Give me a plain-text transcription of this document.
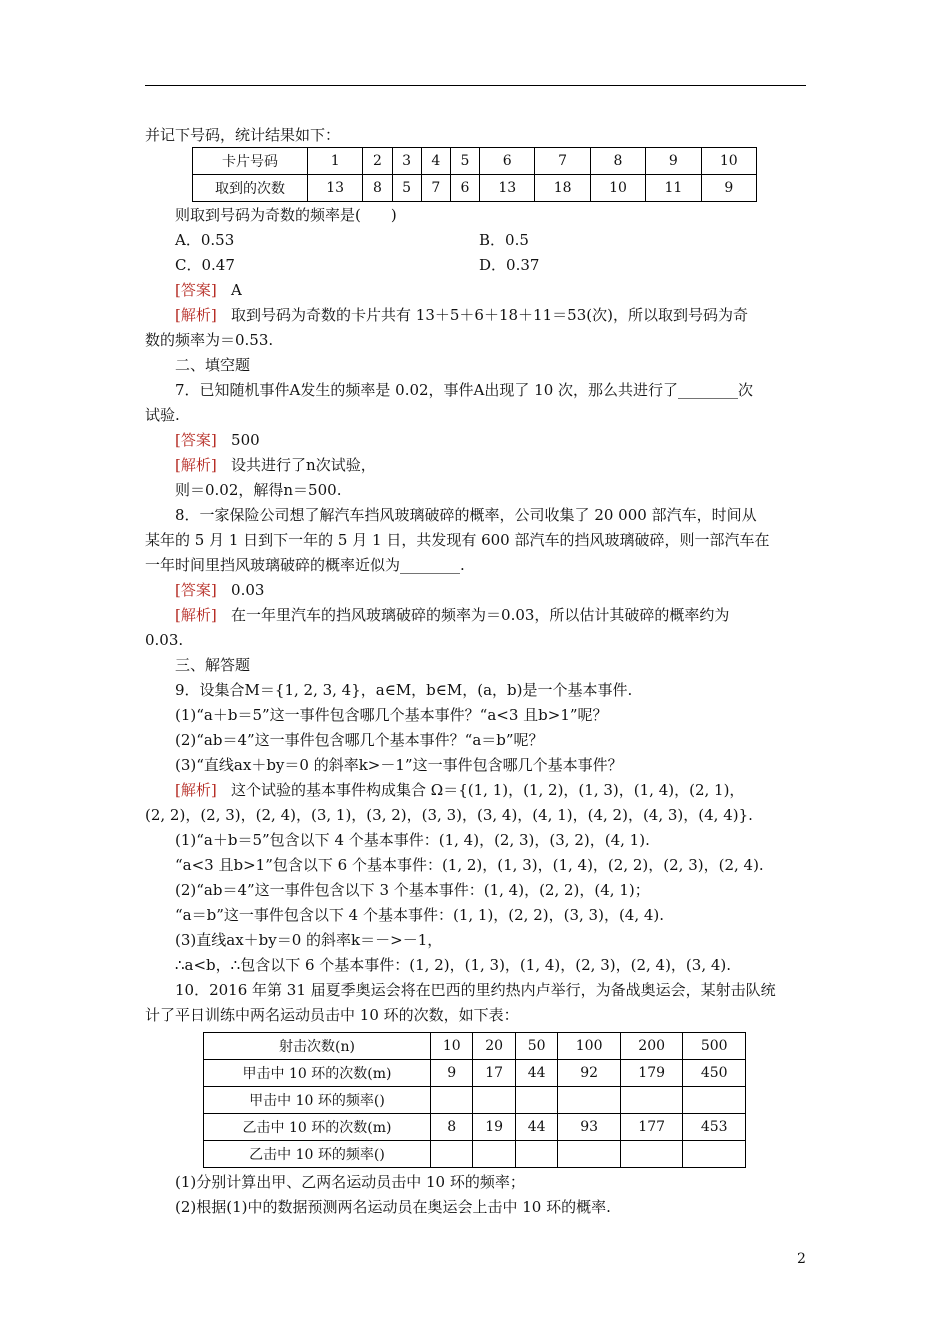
并记下号码，统计结果如下：
卡片号码	1	2	3	4	5	6	7	8	9	10
取到的次数	13	8	5	7	6	13	18	10	11	9
则取到号码为奇数的频率是(　　)
A．0.53	B．0.5
C．0.47	D．0.37
[答案] A
[解析] 取到号码为奇数的卡片共有 13＋5＋6＋18＋11＝53(次)，所以取到号码为奇
数的频率为＝0.53.
二、填空题
7．已知随机事件A发生的频率是 0.02，事件A出现了 10 次，那么共进行了________次
试验.
[答案] 500
[解析] 设共进行了n次试验，
则＝0.02，解得n＝500.
8．一家保险公司想了解汽车挡风玻璃破碎的概率，公司收集了 20 000 部汽车，时间从
某年的 5 月 1 日到下一年的 5 月 1 日，共发现有 600 部汽车的挡风玻璃破碎，则一部汽车在
一年时间里挡风玻璃破碎的概率近似为________.
[答案] 0.03
[解析] 在一年里汽车的挡风玻璃破碎的频率为＝0.03，所以估计其破碎的概率约为
0.03.
三、解答题
9．设集合M＝{1, 2, 3, 4}，a∈M，b∈M，(a，b)是一个基本事件.
(1)“a＋b＝5”这一事件包含哪几个基本事件？“a<3 且b>1”呢？
(2)“ab＝4”这一事件包含哪几个基本事件？“a＝b”呢？
(3)“直线ax＋by＝0 的斜率k>－1”这一事件包含哪几个基本事件？
[解析] 这个试验的基本事件构成集合 Ω＝{(1, 1)，(1, 2)，(1, 3)，(1, 4)，(2, 1)，
(2, 2)，(2, 3)，(2, 4)，(3, 1)，(3, 2)，(3, 3)，(3, 4)，(4, 1)，(4, 2)，(4, 3)，(4, 4)}.
(1)“a＋b＝5”包含以下 4 个基本事件：(1, 4)，(2, 3)，(3, 2)，(4, 1).
“a<3 且b>1”包含以下 6 个基本事件：(1, 2)，(1, 3)，(1, 4)，(2, 2)，(2, 3)，(2, 4).
(2)“ab＝4”这一事件包含以下 3 个基本事件：(1, 4)，(2, 2)，(4, 1)；
“a＝b”这一事件包含以下 4 个基本事件：(1, 1)，(2, 2)，(3, 3)，(4, 4).
(3)直线ax＋by＝0 的斜率k＝－>－1，
∴a<b，∴包含以下 6 个基本事件：(1, 2)，(1, 3)，(1, 4)，(2, 3)，(2, 4)，(3, 4).
10．2016 年第 31 届夏季奥运会将在巴西的里约热内卢举行，为备战奥运会，某射击队统
计了平日训练中两名运动员击中 10 环的次数，如下表：
射击次数(n)	10	20	50	100	200	500
甲击中 10 环的次数(m)	9	17	44	92	179	450
甲击中 10 环的频率()						
乙击中 10 环的次数(m)	8	19	44	93	177	453
乙击中 10 环的频率()						
(1)分别计算出甲、乙两名运动员击中 10 环的频率；
(2)根据(1)中的数据预测两名运动员在奥运会上击中 10 环的概率.
2
